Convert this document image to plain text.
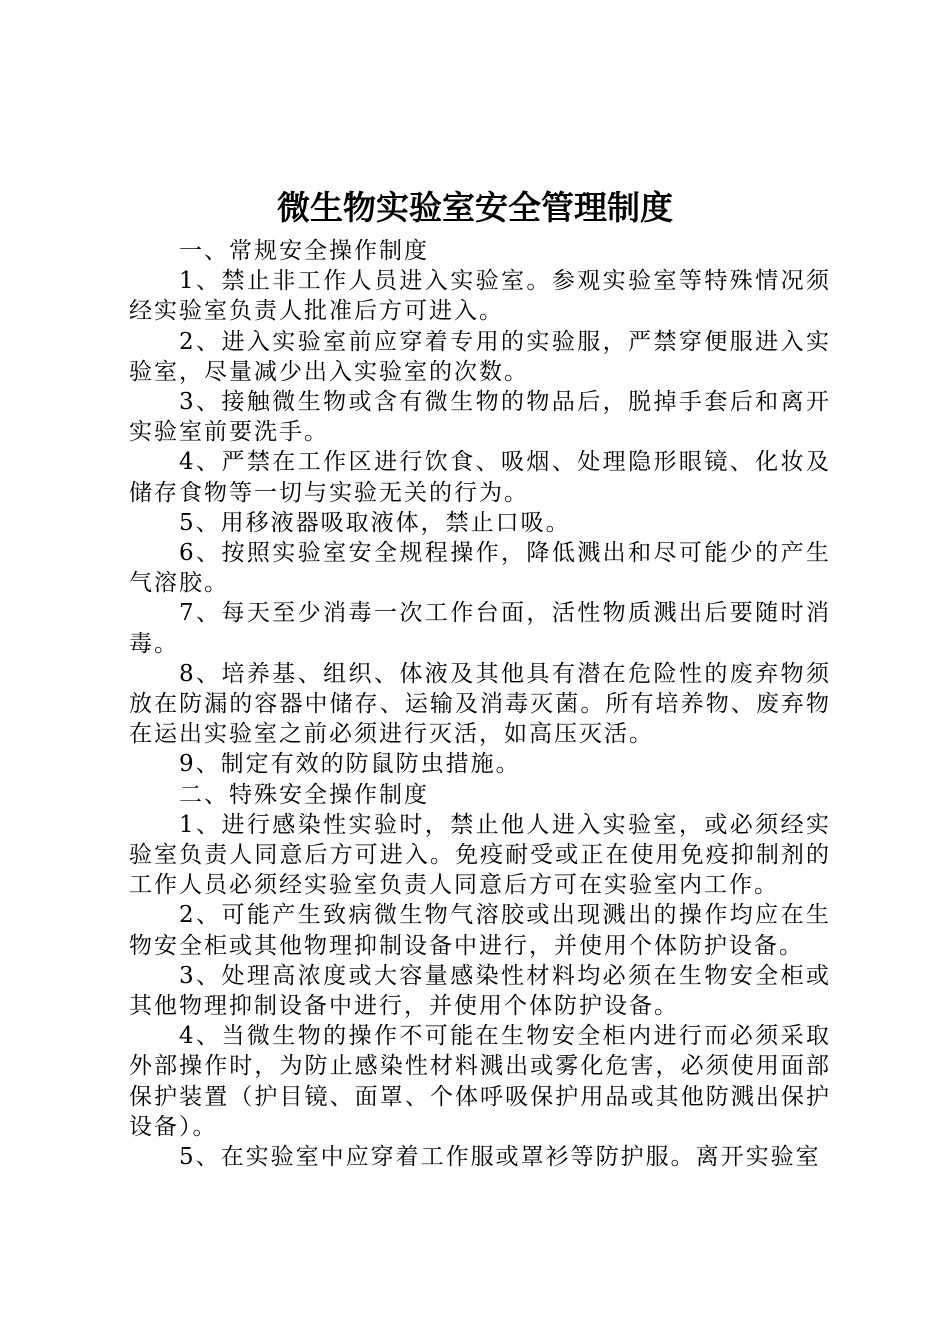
微生物实验室安全管理制度

一、常规安全操作制度

1、禁止非工作人员进入实验室。参观实验室等特殊情况须经实验室负责人批准后方可进入。

2、进入实验室前应穿着专用的实验服，严禁穿便服进入实验室，尽量减少出入实验室的次数。

3、接触微生物或含有微生物的物品后，脱掉手套后和离开实验室前要洗手。

4、严禁在工作区进行饮食、吸烟、处理隐形眼镜、化妆及储存食物等一切与实验无关的行为。

5、用移液器吸取液体，禁止口吸。

6、按照实验室安全规程操作，降低溅出和尽可能少的产生气溶胶。

7、每天至少消毒一次工作台面，活性物质溅出后要随时消毒。

8、培养基、组织、体液及其他具有潜在危险性的废弃物须放在防漏的容器中储存、运输及消毒灭菌。所有培养物、废弃物在运出实验室之前必须进行灭活，如高压灭活。

9、制定有效的防鼠防虫措施。

二、特殊安全操作制度

1、进行感染性实验时，禁止他人进入实验室，或必须经实验室负责人同意后方可进入。免疫耐受或正在使用免疫抑制剂的工作人员必须经实验室负责人同意后方可在实验室内工作。

2、可能产生致病微生物气溶胶或出现溅出的操作均应在生物安全柜或其他物理抑制设备中进行，并使用个体防护设备。

3、处理高浓度或大容量感染性材料均必须在生物安全柜或其他物理抑制设备中进行，并使用个体防护设备。

4、当微生物的操作不可能在生物安全柜内进行而必须采取外部操作时，为防止感染性材料溅出或雾化危害，必须使用面部保护装置（护目镜、面罩、个体呼吸保护用品或其他防溅出保护设备）。

5、在实验室中应穿着工作服或罩衫等防护服。离开实验室
